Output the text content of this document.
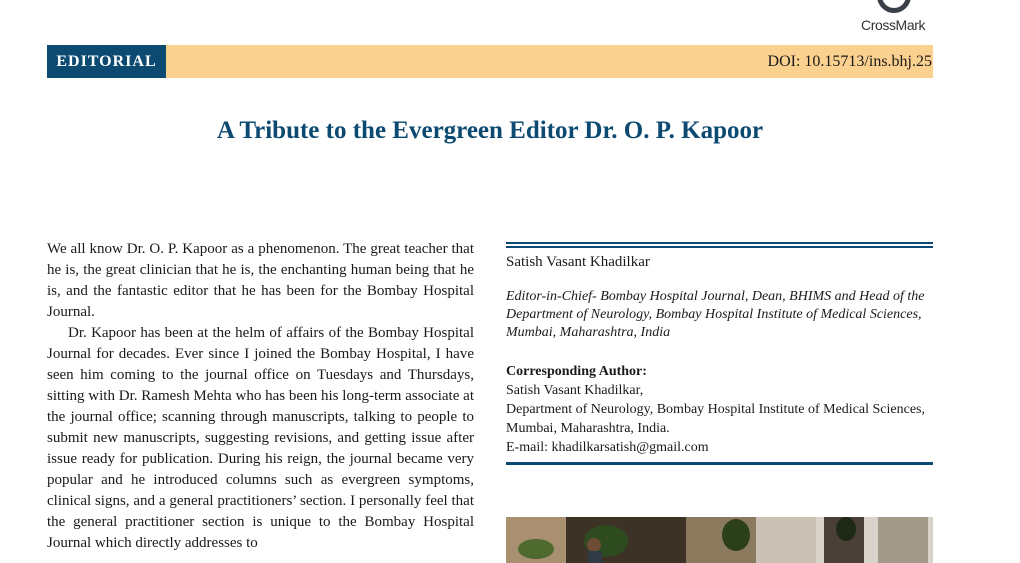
CrossMark
EDITORIAL	DOI: 10.15713/ins.bhj.25
A Tribute to the Evergreen Editor Dr. O. P. Kapoor

We all know Dr. O. P. Kapoor as a phenomenon. The great teacher that he is, the great clinician that he is, the enchanting human being that he is, and the fantastic editor that he has been for the Bombay Hospital Journal.

Dr. Kapoor has been at the helm of affairs of the Bombay Hospital Journal for decades. Ever since I joined the Bombay Hospital, I have seen him coming to the journal office on Tuesdays and Thursdays, sitting with Dr. Ramesh Mehta who has been his long-term associate at the journal office; scanning through manuscripts, talking to people to submit new manuscripts, suggesting revisions, and getting issue after issue ready for publication. During his reign, the journal became very popular and he introduced columns such as evergreen symptoms, clinical signs, and a general practitioners’ section. I personally feel that the general practitioner section is unique to the Bombay Hospital Journal which directly addresses to

Satish Vasant Khadilkar

Editor-in-Chief- Bombay Hospital Journal, Dean, BHIMS and Head of the Department of Neurology, Bombay Hospital Institute of Medical Sciences, Mumbai, Maharashtra, India

Corresponding Author:

Satish Vasant Khadilkar,

Department of Neurology, Bombay Hospital Institute of Medical Sciences,

Mumbai, Maharashtra, India.

E-mail: khadilkarsatish@gmail.com
